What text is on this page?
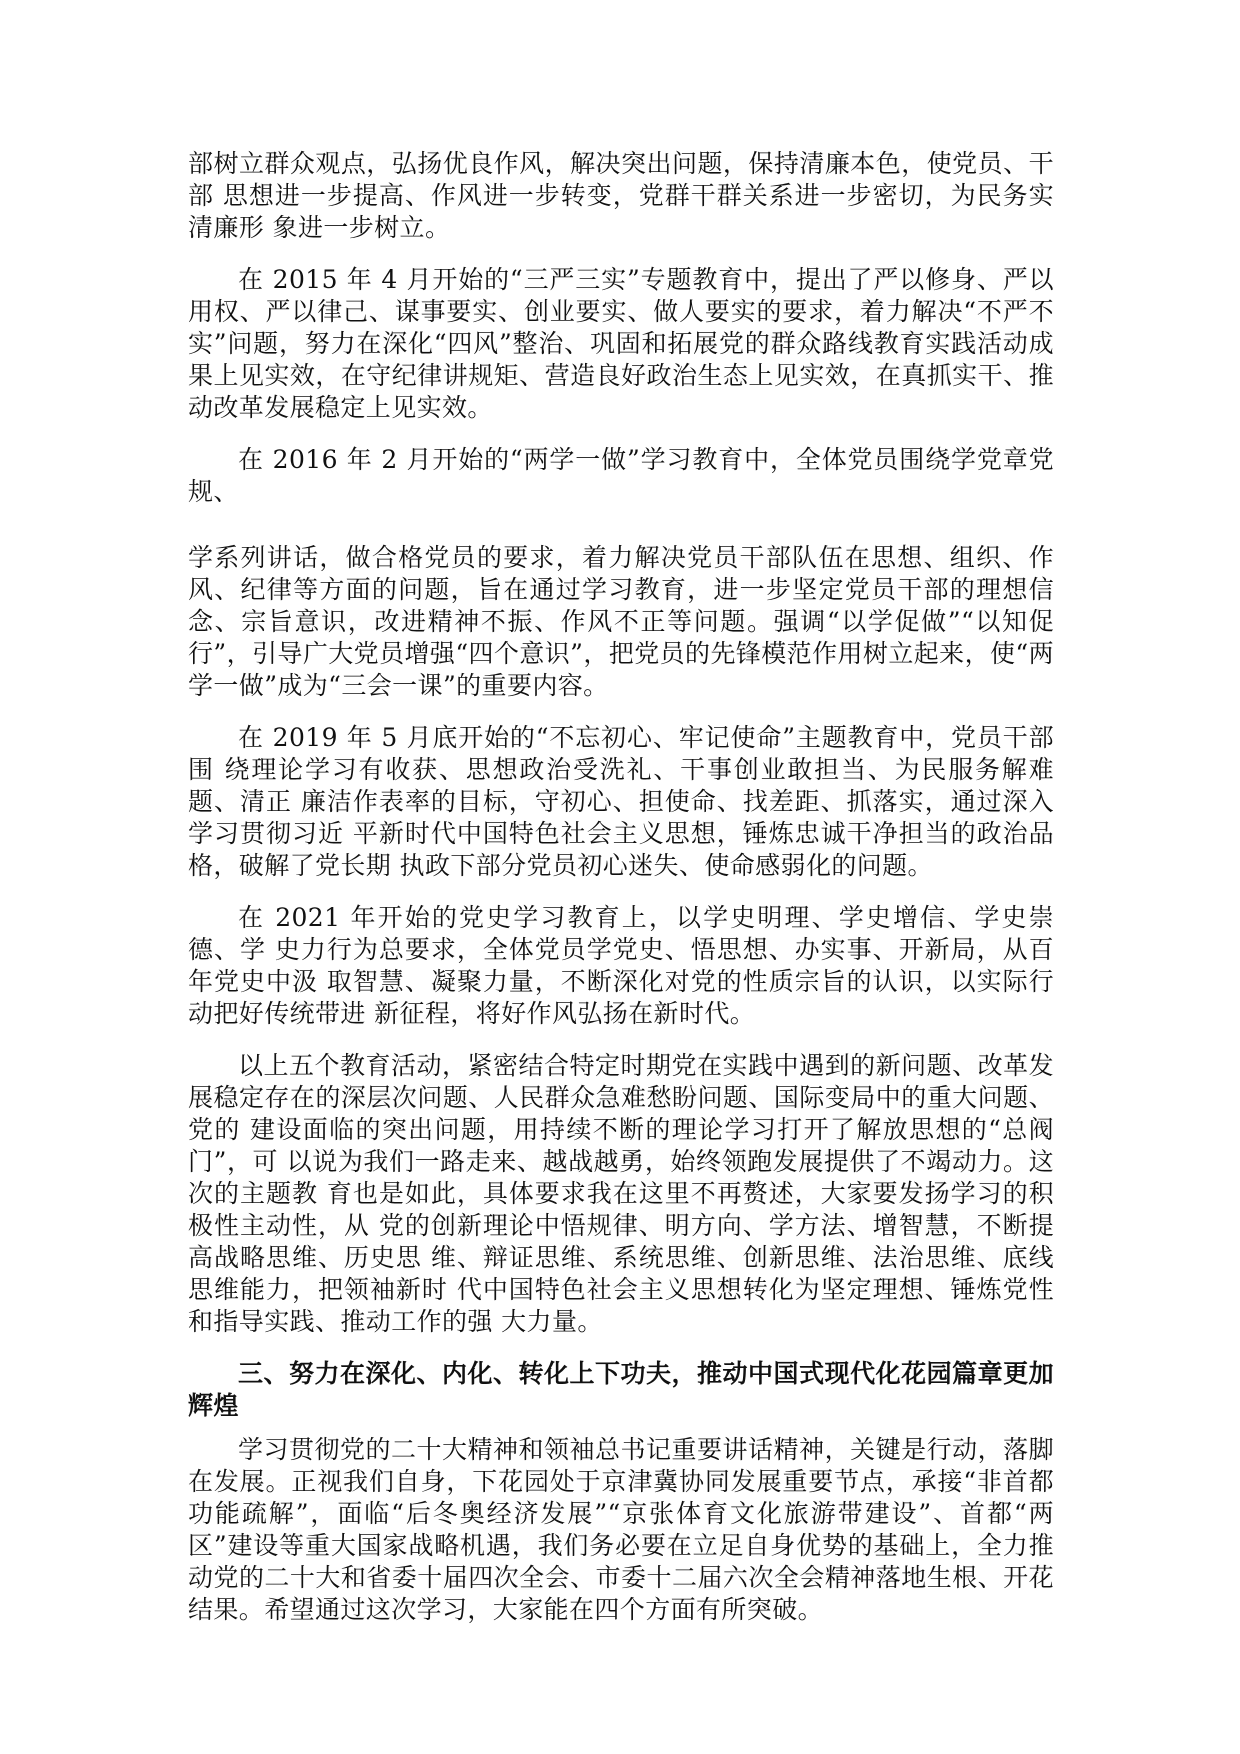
部树立群众观点，弘扬优良作风，解决突出问题，保持清廉本色，使党员、干部 思想进一步提高、作风进一步转变，党群干群关系进一步密切，为民务实清廉形 象进一步树立。

在 2015 年 4 月开始的“三严三实”专题教育中，提出了严以修身、严以用权、严以律己、谋事要实、创业要实、做人要实的要求，着力解决“不严不实”问题，努力在深化“四风”整治、巩固和拓展党的群众路线教育实践活动成果上见实效，在守纪律讲规矩、营造良好政治生态上见实效，在真抓实干、推动改革发展稳定上见实效。

在 2016 年 2 月开始的“两学一做”学习教育中，全体党员围绕学党章党规、

学系列讲话，做合格党员的要求，着力解决党员干部队伍在思想、组织、作风、纪律等方面的问题，旨在通过学习教育，进一步坚定党员干部的理想信念、宗旨意识，改进精神不振、作风不正等问题。强调“以学促做”“以知促行”，引导广大党员增强“四个意识”，把党员的先锋模范作用树立起来，使“两学一做”成为“三会一课”的重要内容。

在 2019 年 5 月底开始的“不忘初心、牢记使命”主题教育中，党员干部围 绕理论学习有收获、思想政治受洗礼、干事创业敢担当、为民服务解难题、清正 廉洁作表率的目标，守初心、担使命、找差距、抓落实，通过深入学习贯彻习近 平新时代中国特色社会主义思想，锤炼忠诚干净担当的政治品格，破解了党长期 执政下部分党员初心迷失、使命感弱化的问题。

在 2021 年开始的党史学习教育上，以学史明理、学史增信、学史崇德、学 史力行为总要求，全体党员学党史、悟思想、办实事、开新局，从百年党史中汲 取智慧、凝聚力量，不断深化对党的性质宗旨的认识，以实际行动把好传统带进 新征程，将好作风弘扬在新时代。

以上五个教育活动，紧密结合特定时期党在实践中遇到的新问题、改革发展稳定存在的深层次问题、人民群众急难愁盼问题、国际变局中的重大问题、党的 建设面临的突出问题，用持续不断的理论学习打开了解放思想的“总阀门”，可 以说为我们一路走来、越战越勇，始终领跑发展提供了不竭动力。这次的主题教 育也是如此，具体要求我在这里不再赘述，大家要发扬学习的积极性主动性，从 党的创新理论中悟规律、明方向、学方法、增智慧，不断提高战略思维、历史思 维、辩证思维、系统思维、创新思维、法治思维、底线思维能力，把领袖新时 代中国特色社会主义思想转化为坚定理想、锤炼党性和指导实践、推动工作的强 大力量。

三、努力在深化、内化、转化上下功夫，推动中国式现代化花园篇章更加辉煌

学习贯彻党的二十大精神和领袖总书记重要讲话精神，关键是行动，落脚在发展。正视我们自身，下花园处于京津冀协同发展重要节点，承接“非首都功能疏解”，面临“后冬奥经济发展”“京张体育文化旅游带建设”、首都“两区”建设等重大国家战略机遇，我们务必要在立足自身优势的基础上，全力推动党的二十大和省委十届四次全会、市委十二届六次全会精神落地生根、开花结果。希望通过这次学习，大家能在四个方面有所突破。
